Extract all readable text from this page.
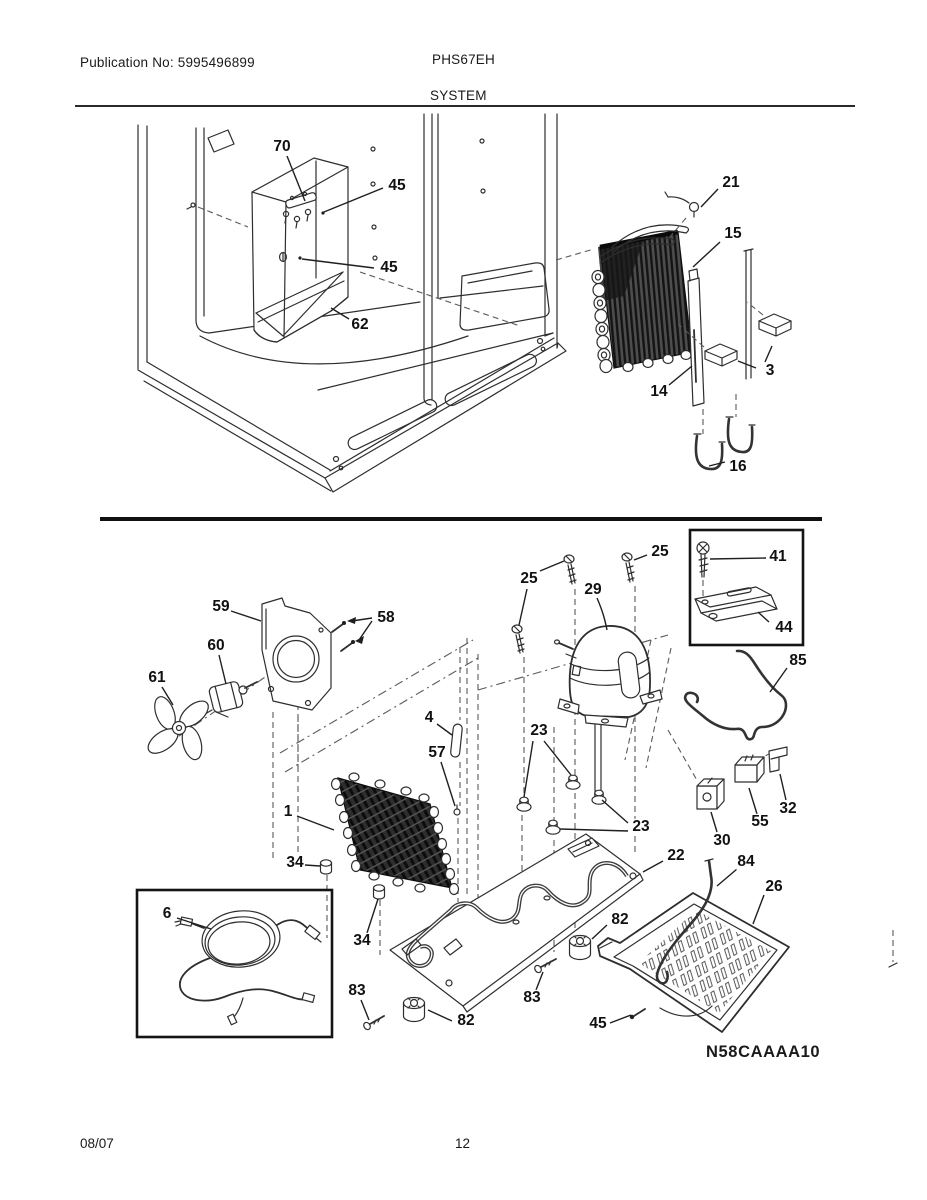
Publication No: 5995496899	PHS67EH
SYSTEM
70
45
45
62
21
15
14
3
16
59
58
25
25
29
41
44
85
60
61
4
57
23
1
23
30
55
32
22
34	84
26
6	82
34
83
82
83
45
N58CAAAA10
08/07	12
